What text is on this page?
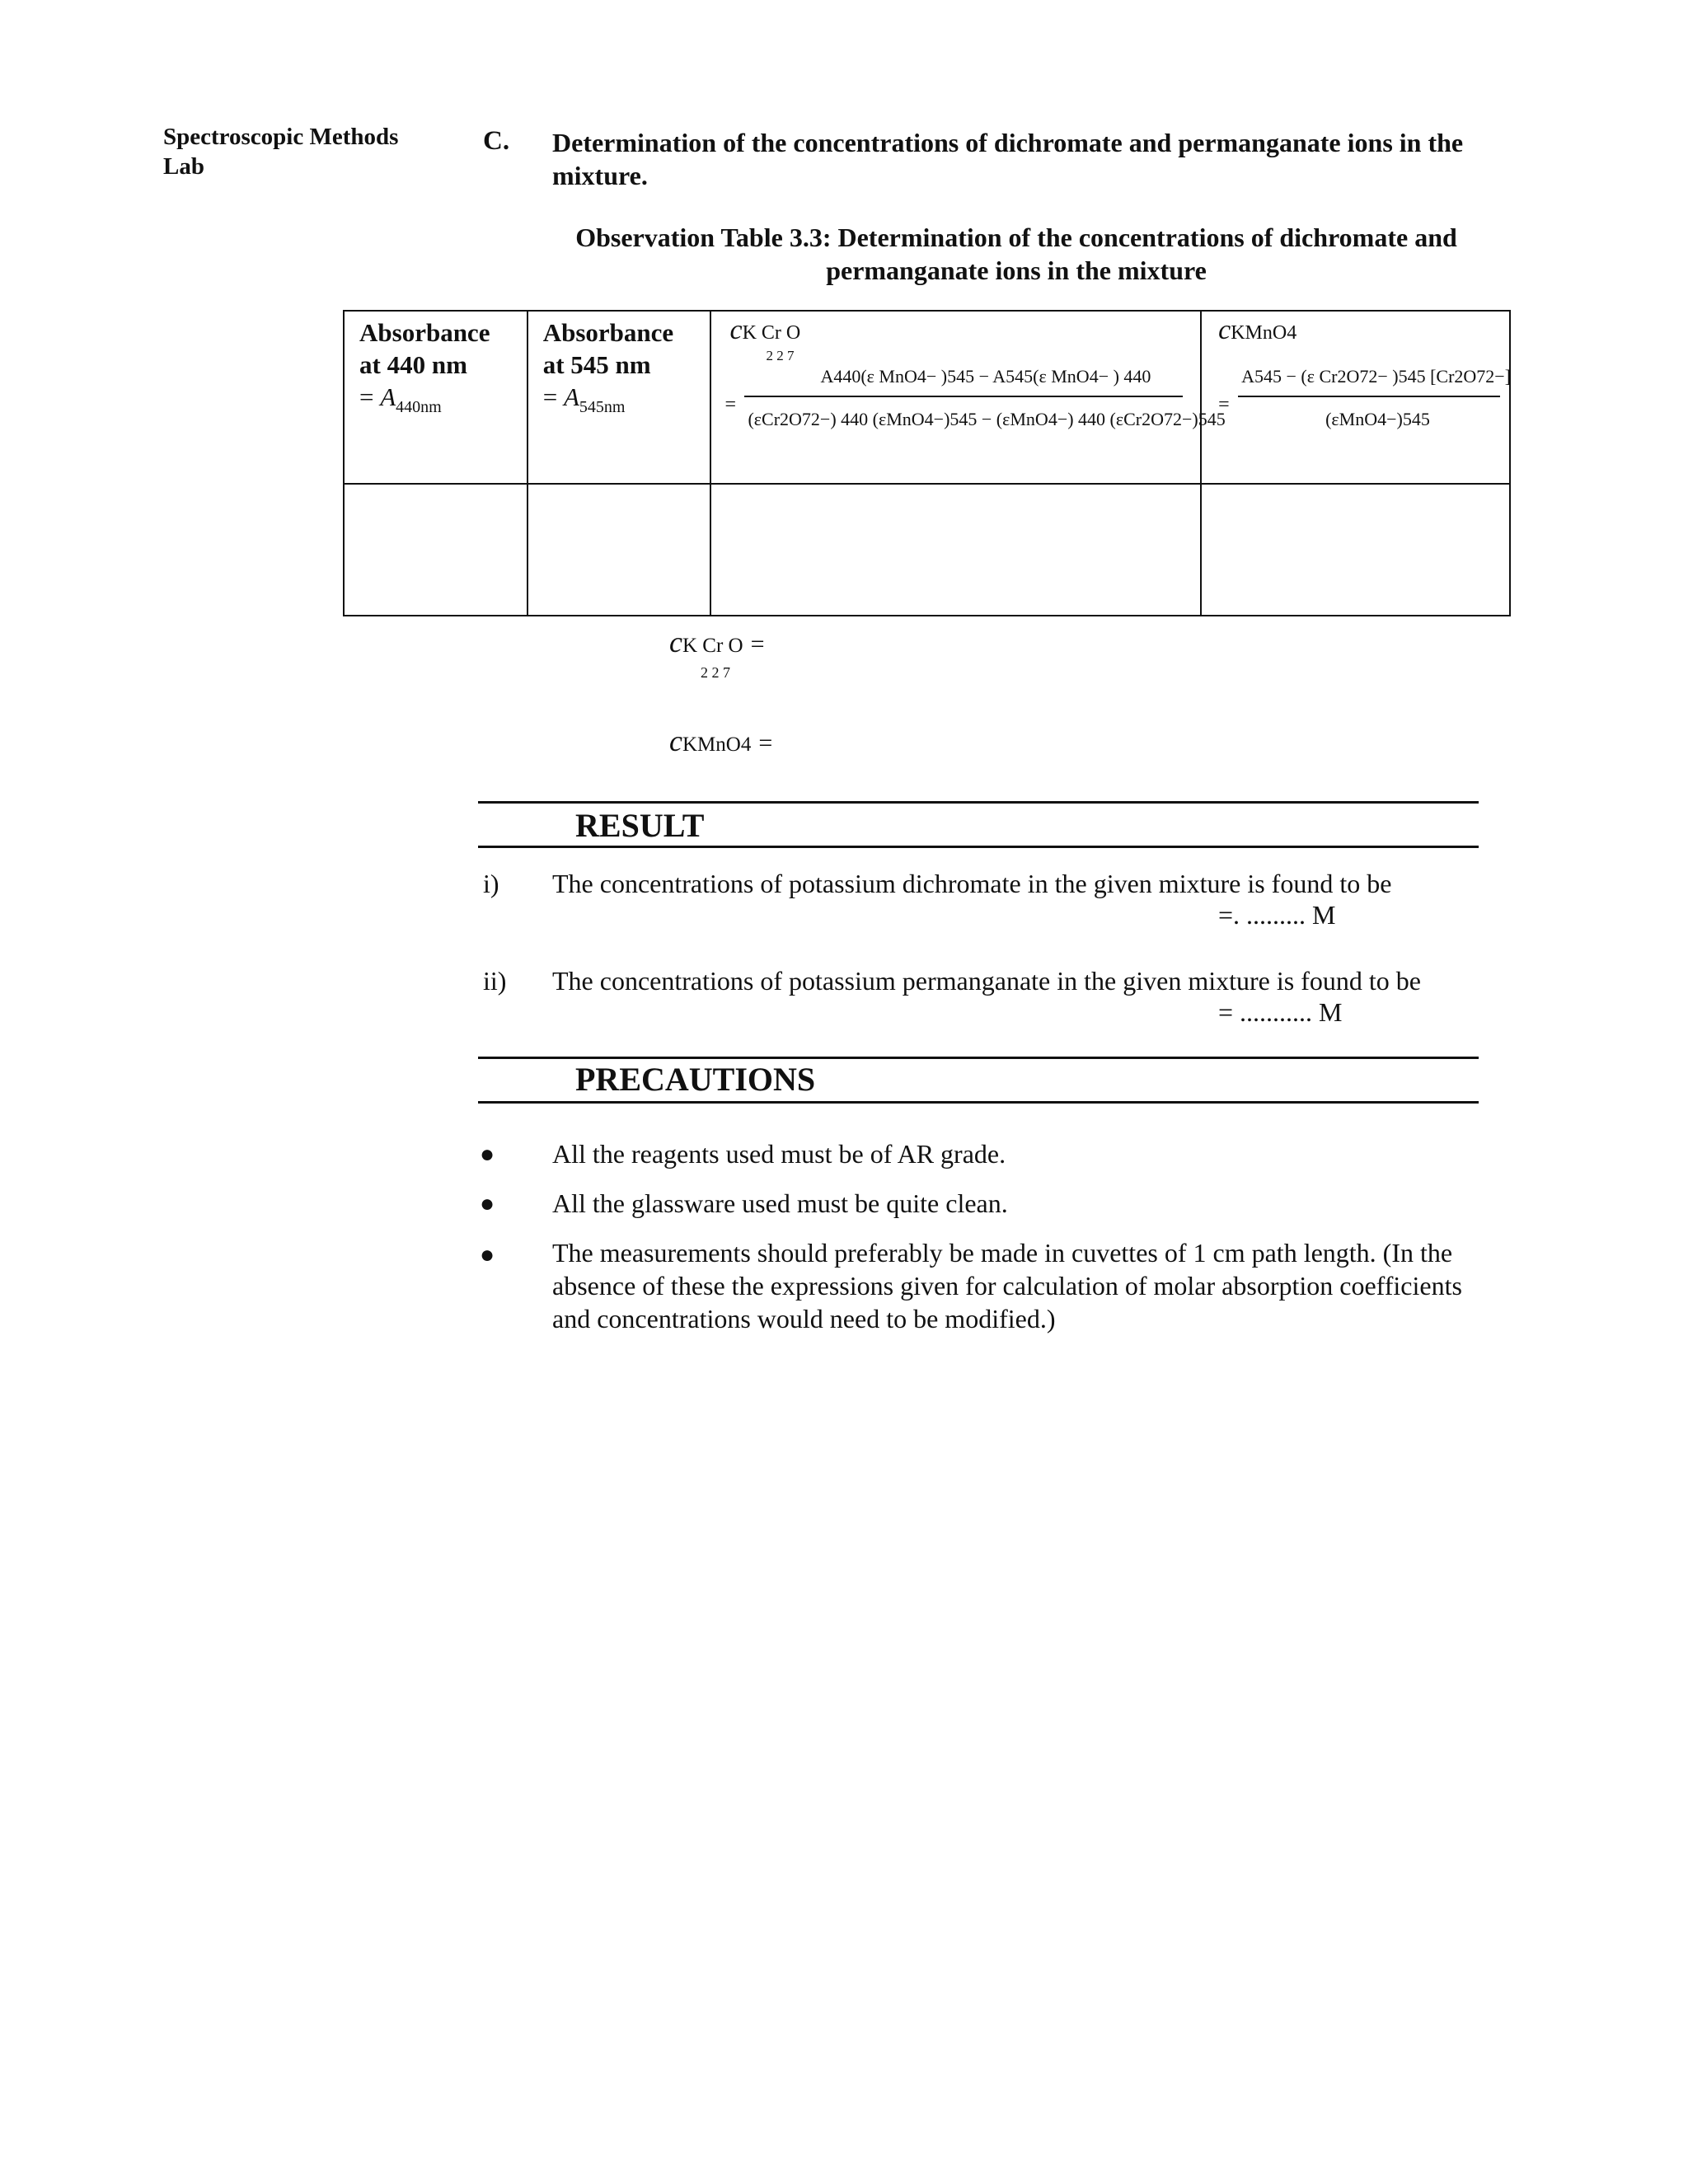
Spectroscopic Methods Lab
C. Determination of the concentrations of dichromate and permanganate ions in the mixture.
Observation Table 3.3: Determination of the concentrations of dichromate and permanganate ions in the mixture
Absorbance
at 440 nm
= $A_{440nm}$	Absorbance
at 545 nm
= $A_{545nm}$	cK Cr O
2 2 7
=
A440(ε MnO4− )545 − A545(ε MnO4− ) 440
(εCr2O72−) 440 (εMnO4−)545 − (εMnO4−) 440 (εCr2O72−)545	cKMnO4
=
A545 − (ε Cr2O72− )545 [Cr2O72−]
(εMnO4−)545

cK Cr O =
2 2 7
cKMnO4 =
RESULT
i) The concentrations of potassium dichromate in the given mixture is found to be
=. ......... M
ii) The concentrations of potassium permanganate in the given mixture is found to be
= ........... M
PRECAUTIONS
● All the reagents used must be of AR grade.
● All the glassware used must be quite clean.
● The measurements should preferably be made in cuvettes of 1 cm path length. (In the absence of these the expressions given for calculation of molar absorption coefficients and concentrations would need to be modified.)
